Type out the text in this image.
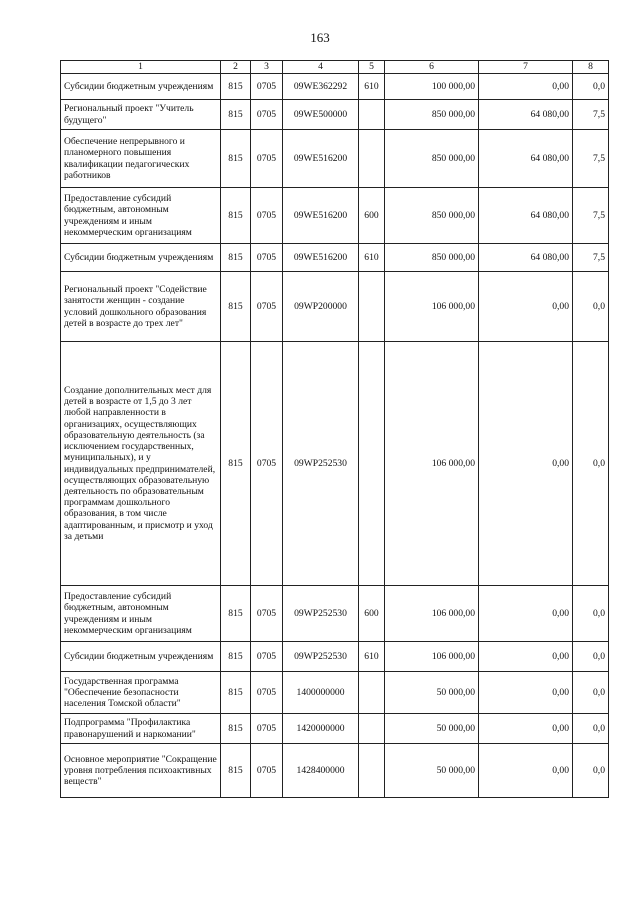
163
1	2	3	4	5	6	7	8
Субсидии бюджетным учреждениям	815	0705	09WE362292	610	100 000,00	0,00	0,0
Региональный проект "Учитель будущего"	815	0705	09WE500000		850 000,00	64 080,00	7,5
Обеспечение непрерывного и планомерного повышения квалификации педагогических работников	815	0705	09WE516200		850 000,00	64 080,00	7,5
Предоставление субсидий бюджетным, автономным учреждениям и иным некоммерческим организациям	815	0705	09WE516200	600	850 000,00	64 080,00	7,5
Субсидии бюджетным учреждениям	815	0705	09WE516200	610	850 000,00	64 080,00	7,5
Региональный проект "Содействие занятости женщин - создание условий дошкольного образования детей в возрасте до трех лет"	815	0705	09WP200000		106 000,00	0,00	0,0
Создание дополнительных мест для детей в возрасте от 1,5 до 3 лет любой направленности в организациях, осуществляющих образовательную деятельность (за исключением государственных, муниципальных), и у индивидуальных предпринимателей, осуществляющих образовательную деятельность по образовательным программам дошкольного образования, в том числе адаптированным, и присмотр и уход за детьми	815	0705	09WP252530		106 000,00	0,00	0,0
Предоставление субсидий бюджетным, автономным учреждениям и иным некоммерческим организациям	815	0705	09WP252530	600	106 000,00	0,00	0,0
Субсидии бюджетным учреждениям	815	0705	09WP252530	610	106 000,00	0,00	0,0
Государственная программа "Обеспечение безопасности населения Томской области"	815	0705	1400000000		50 000,00	0,00	0,0
Подпрограмма "Профилактика правонарушений и наркомании"	815	0705	1420000000		50 000,00	0,00	0,0
Основное мероприятие "Сокращение уровня потребления психоактивных веществ"	815	0705	1428400000		50 000,00	0,00	0,0
